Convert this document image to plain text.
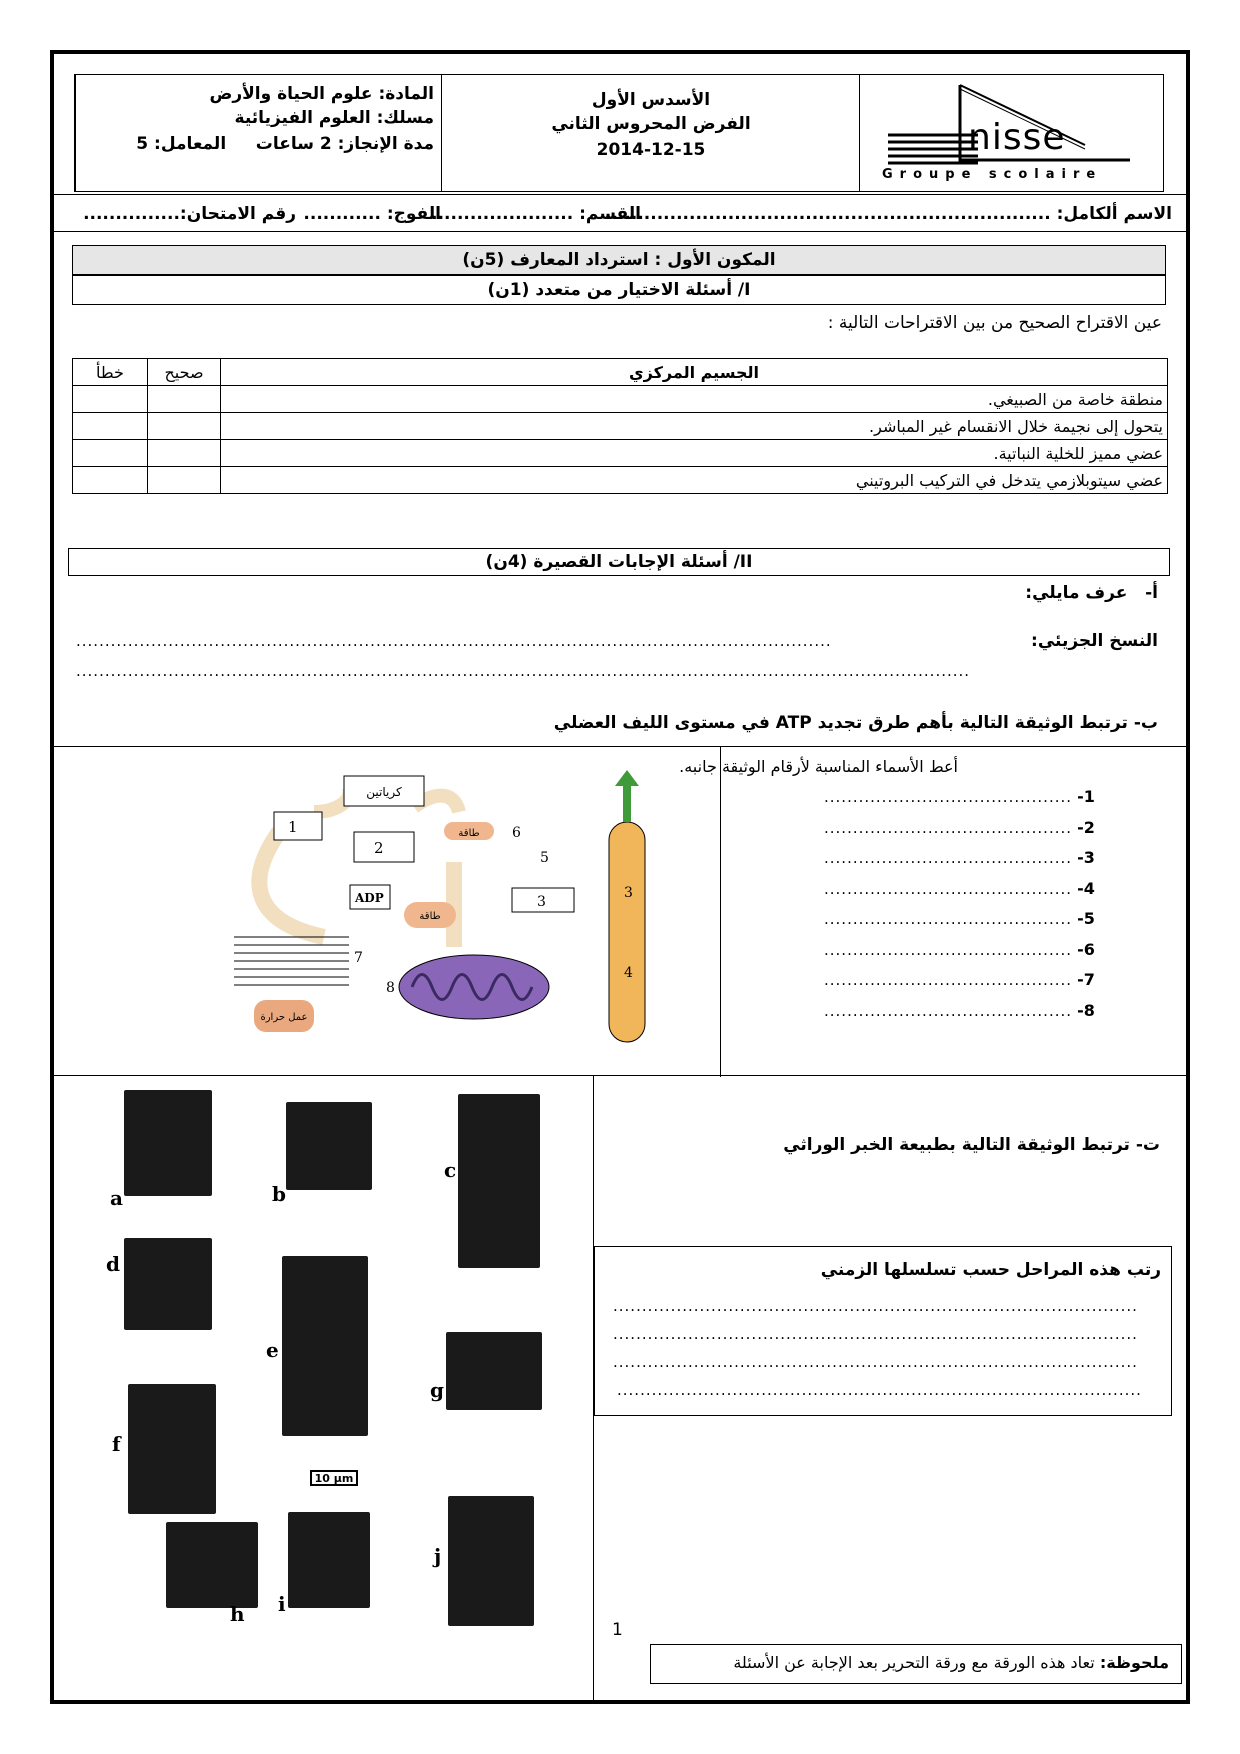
المادة: علوم الحياة والأرض
مسلك: العلوم الفيزيائية
مدة الإنجاز: 2 ساعات     المعامل: 5
الأسدس الأول
الفرض المحروس الثاني
2014-12-15	nisse
Groupe scolaire
الاسم ألكامل: .....................................................................
القسم: ......................
الفوج: ............
رقم الامتحان:...............
المكون الأول : استرداد المعارف (5ن)
I/ أسئلة الاختيار من متعدد (1ن)
عين الاقتراح الصحيح من بين الاقتراحات التالية :
الجسيم المركزي	صحيح	خطأ
منطقة خاصة من الصبيغي.		
يتحول إلى نجيمة خلال الانقسام غير المباشر.		
عضي مميز للخلية النباتية.		
عضي سيتوبلازمي يتدخل في التركيب البروتيني		
II/ أسئلة الإجابات القصيرة (4ن)
أ-   عرف مايلي:
النسخ الجزيئي:
...................................................................................................................................
...........................................................................................................................................................
ب- ترتبط الوثيقة التالية بأهم طرق تجديد ATP في مستوى الليف العضلي
كرياتين
1
2
طاقة 6
5
ADP	3
طاقة
7
عمل حرارة
8
3
4
أعط الأسماء المناسبة لأرقام الوثيقة جانبه.
........................................... -1
........................................... -2
........................................... -3
........................................... -4
........................................... -5
........................................... -6
........................................... -7
........................................... -8
a	b
c
d
e
g
f
10 µm
h i
j
ت- ترتبط الوثيقة التالية بطبيعة الخبر الوراثي
رتب هذه المراحل حسب تسلسلها الزمني
...........................................................................................
...........................................................................................
...........................................................................................
...........................................................................................
1
ملحوظة: تعاد هذه الورقة مع ورقة التحرير بعد الإجابة عن الأسئلة
